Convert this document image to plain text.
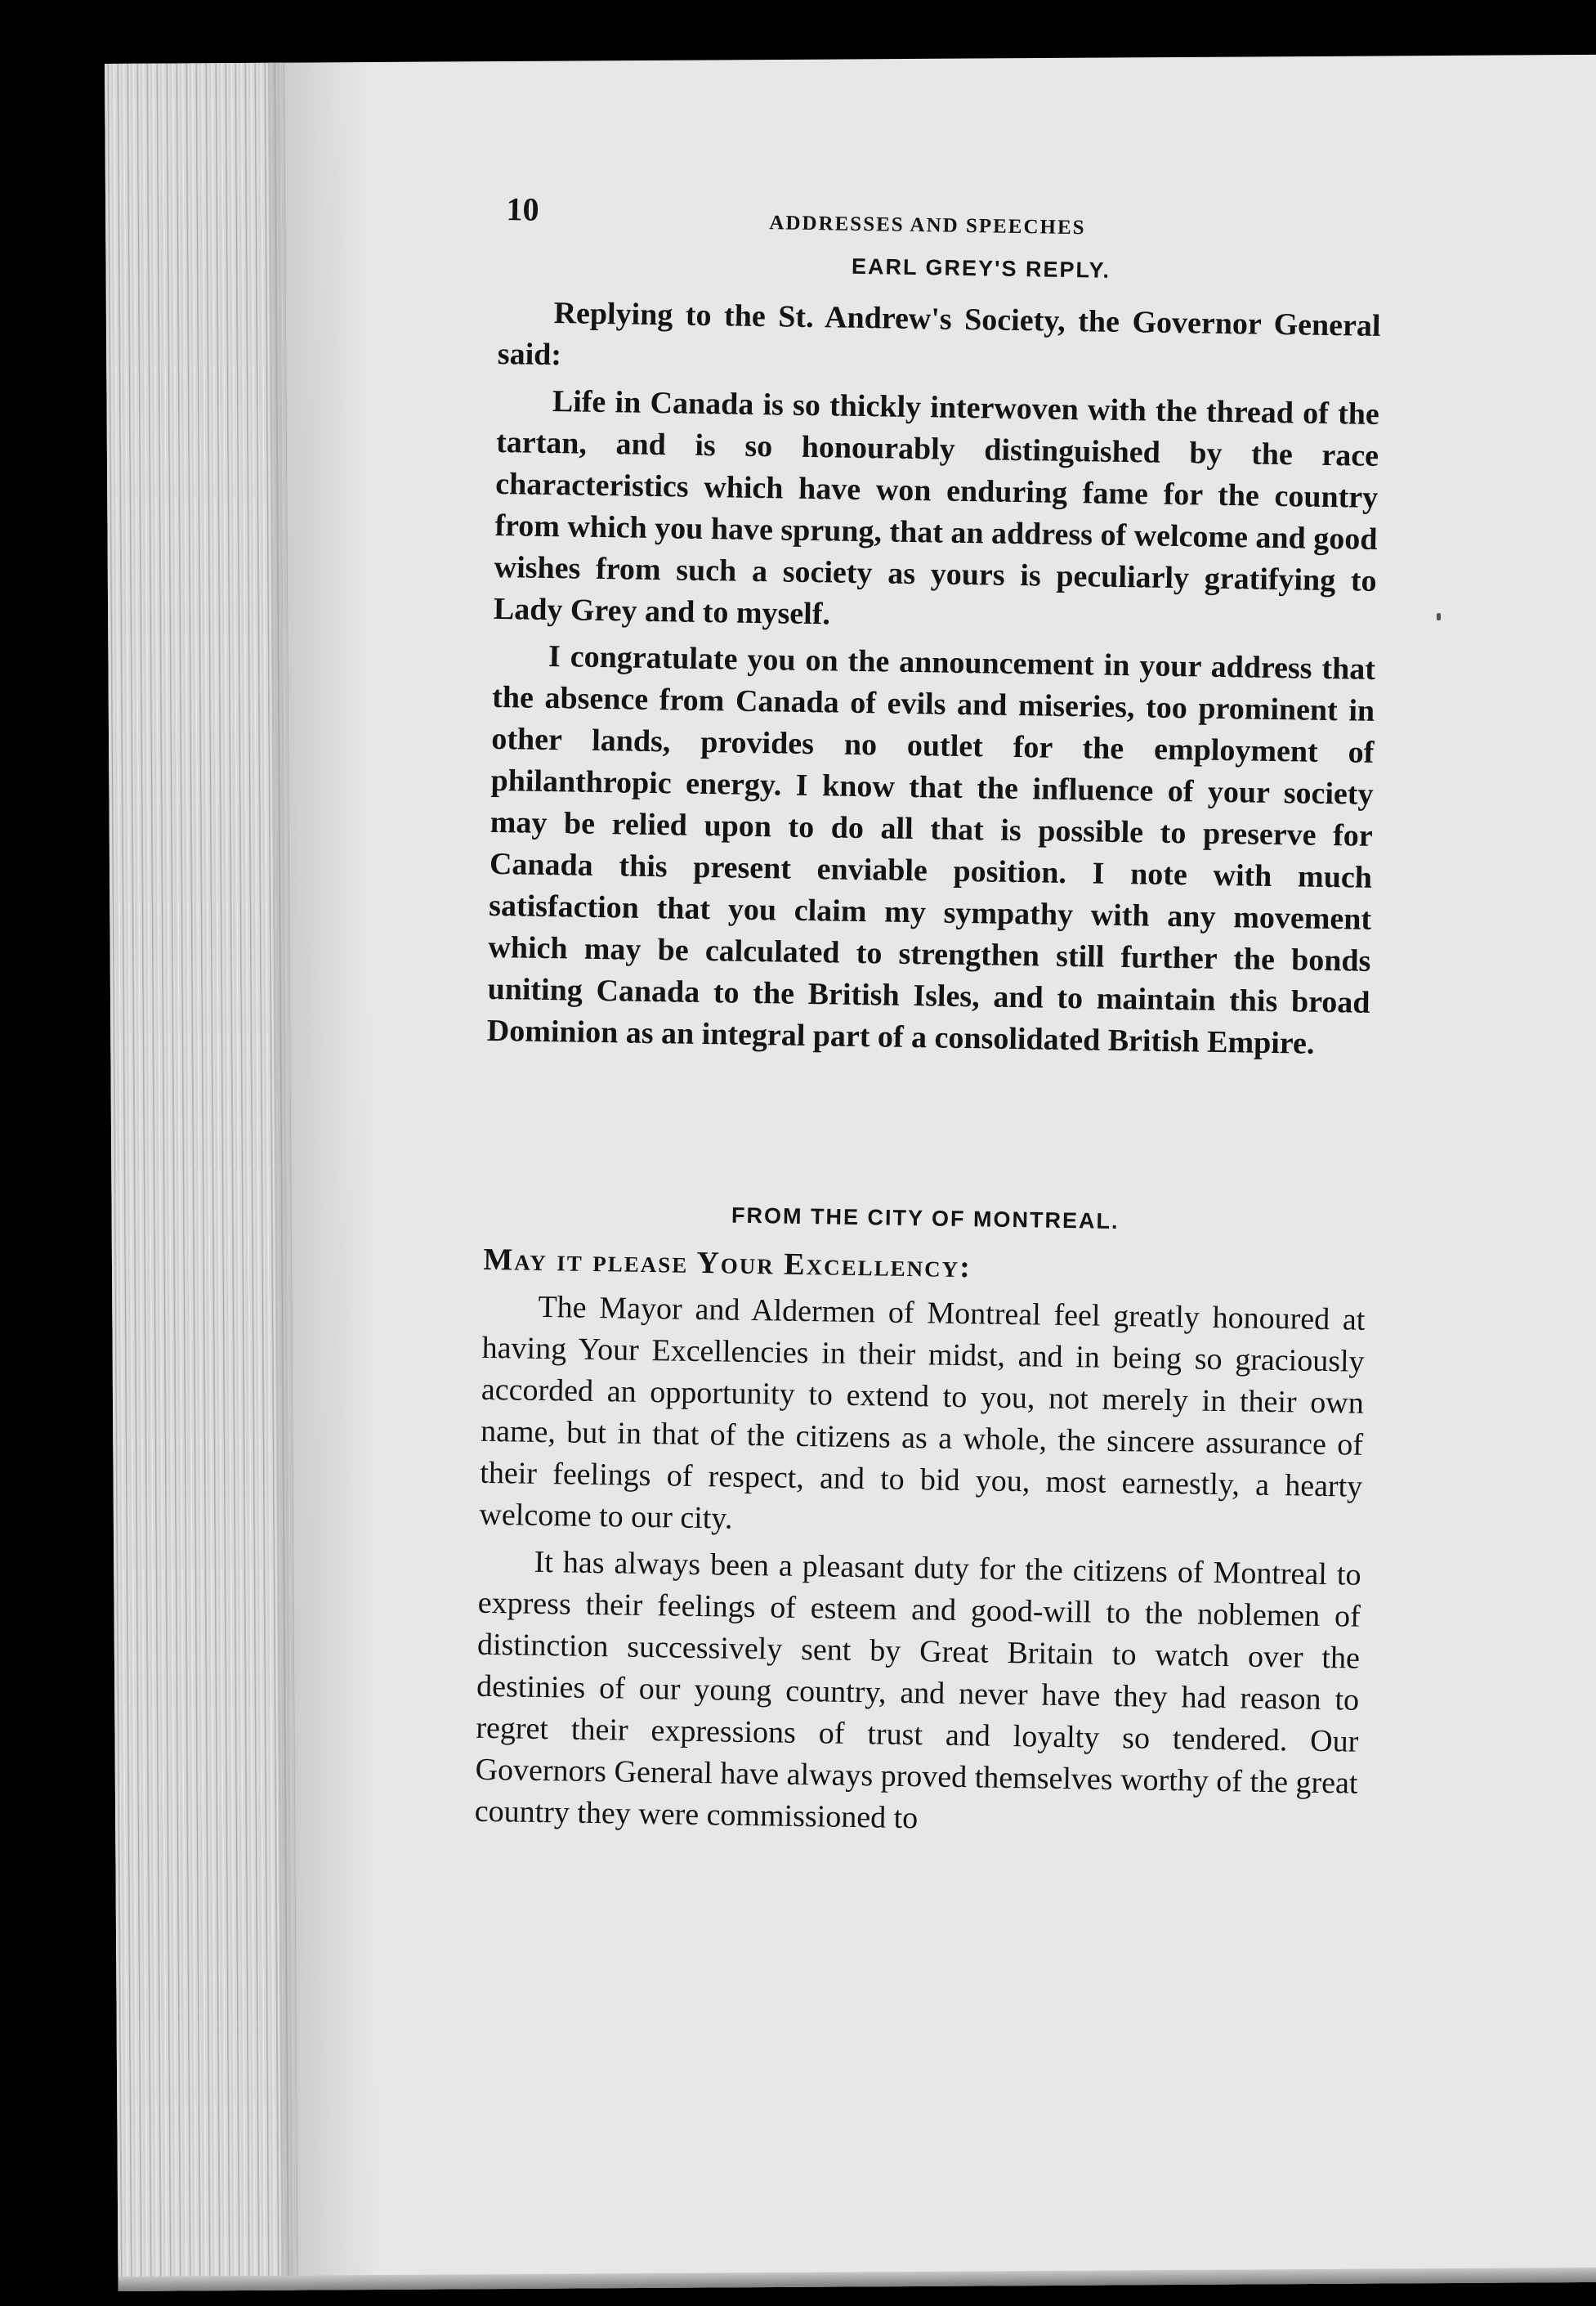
10	ADDRESSES AND SPEECHES
EARL GREY'S REPLY.

Replying to the St. Andrew's Society, the Governor General said:

Life in Canada is so thickly interwoven with the thread of the tartan, and is so honourably distinguished by the race characteristics which have won enduring fame for the country from which you have sprung, that an address of welcome and good wishes from such a society as yours is peculiarly gratifying to Lady Grey and to myself.

I congratulate you on the announcement in your address that the absence from Canada of evils and miseries, too prominent in other lands, provides no outlet for the employment of philanthropic energy. I know that the influence of your society may be relied upon to do all that is possible to preserve for Canada this present enviable position. I note with much satisfaction that you claim my sympathy with any movement which may be calculated to strengthen still further the bonds uniting Canada to the British Isles, and to maintain this broad Dominion as an integral part of a consolidated British Empire.

FROM THE CITY OF MONTREAL.
May it please Your Excellency:

The Mayor and Aldermen of Montreal feel greatly honoured at having Your Excellencies in their midst, and in being so graciously accorded an opportunity to extend to you, not merely in their own name, but in that of the citizens as a whole, the sincere assurance of their feelings of respect, and to bid you, most earnestly, a hearty welcome to our city.

It has always been a pleasant duty for the citizens of Montreal to express their feelings of esteem and good-will to the noblemen of distinction successively sent by Great Britain to watch over the destinies of our young country, and never have they had reason to regret their expressions of trust and loyalty so tendered. Our Governors General have always proved themselves worthy of the great country they were commissioned to
